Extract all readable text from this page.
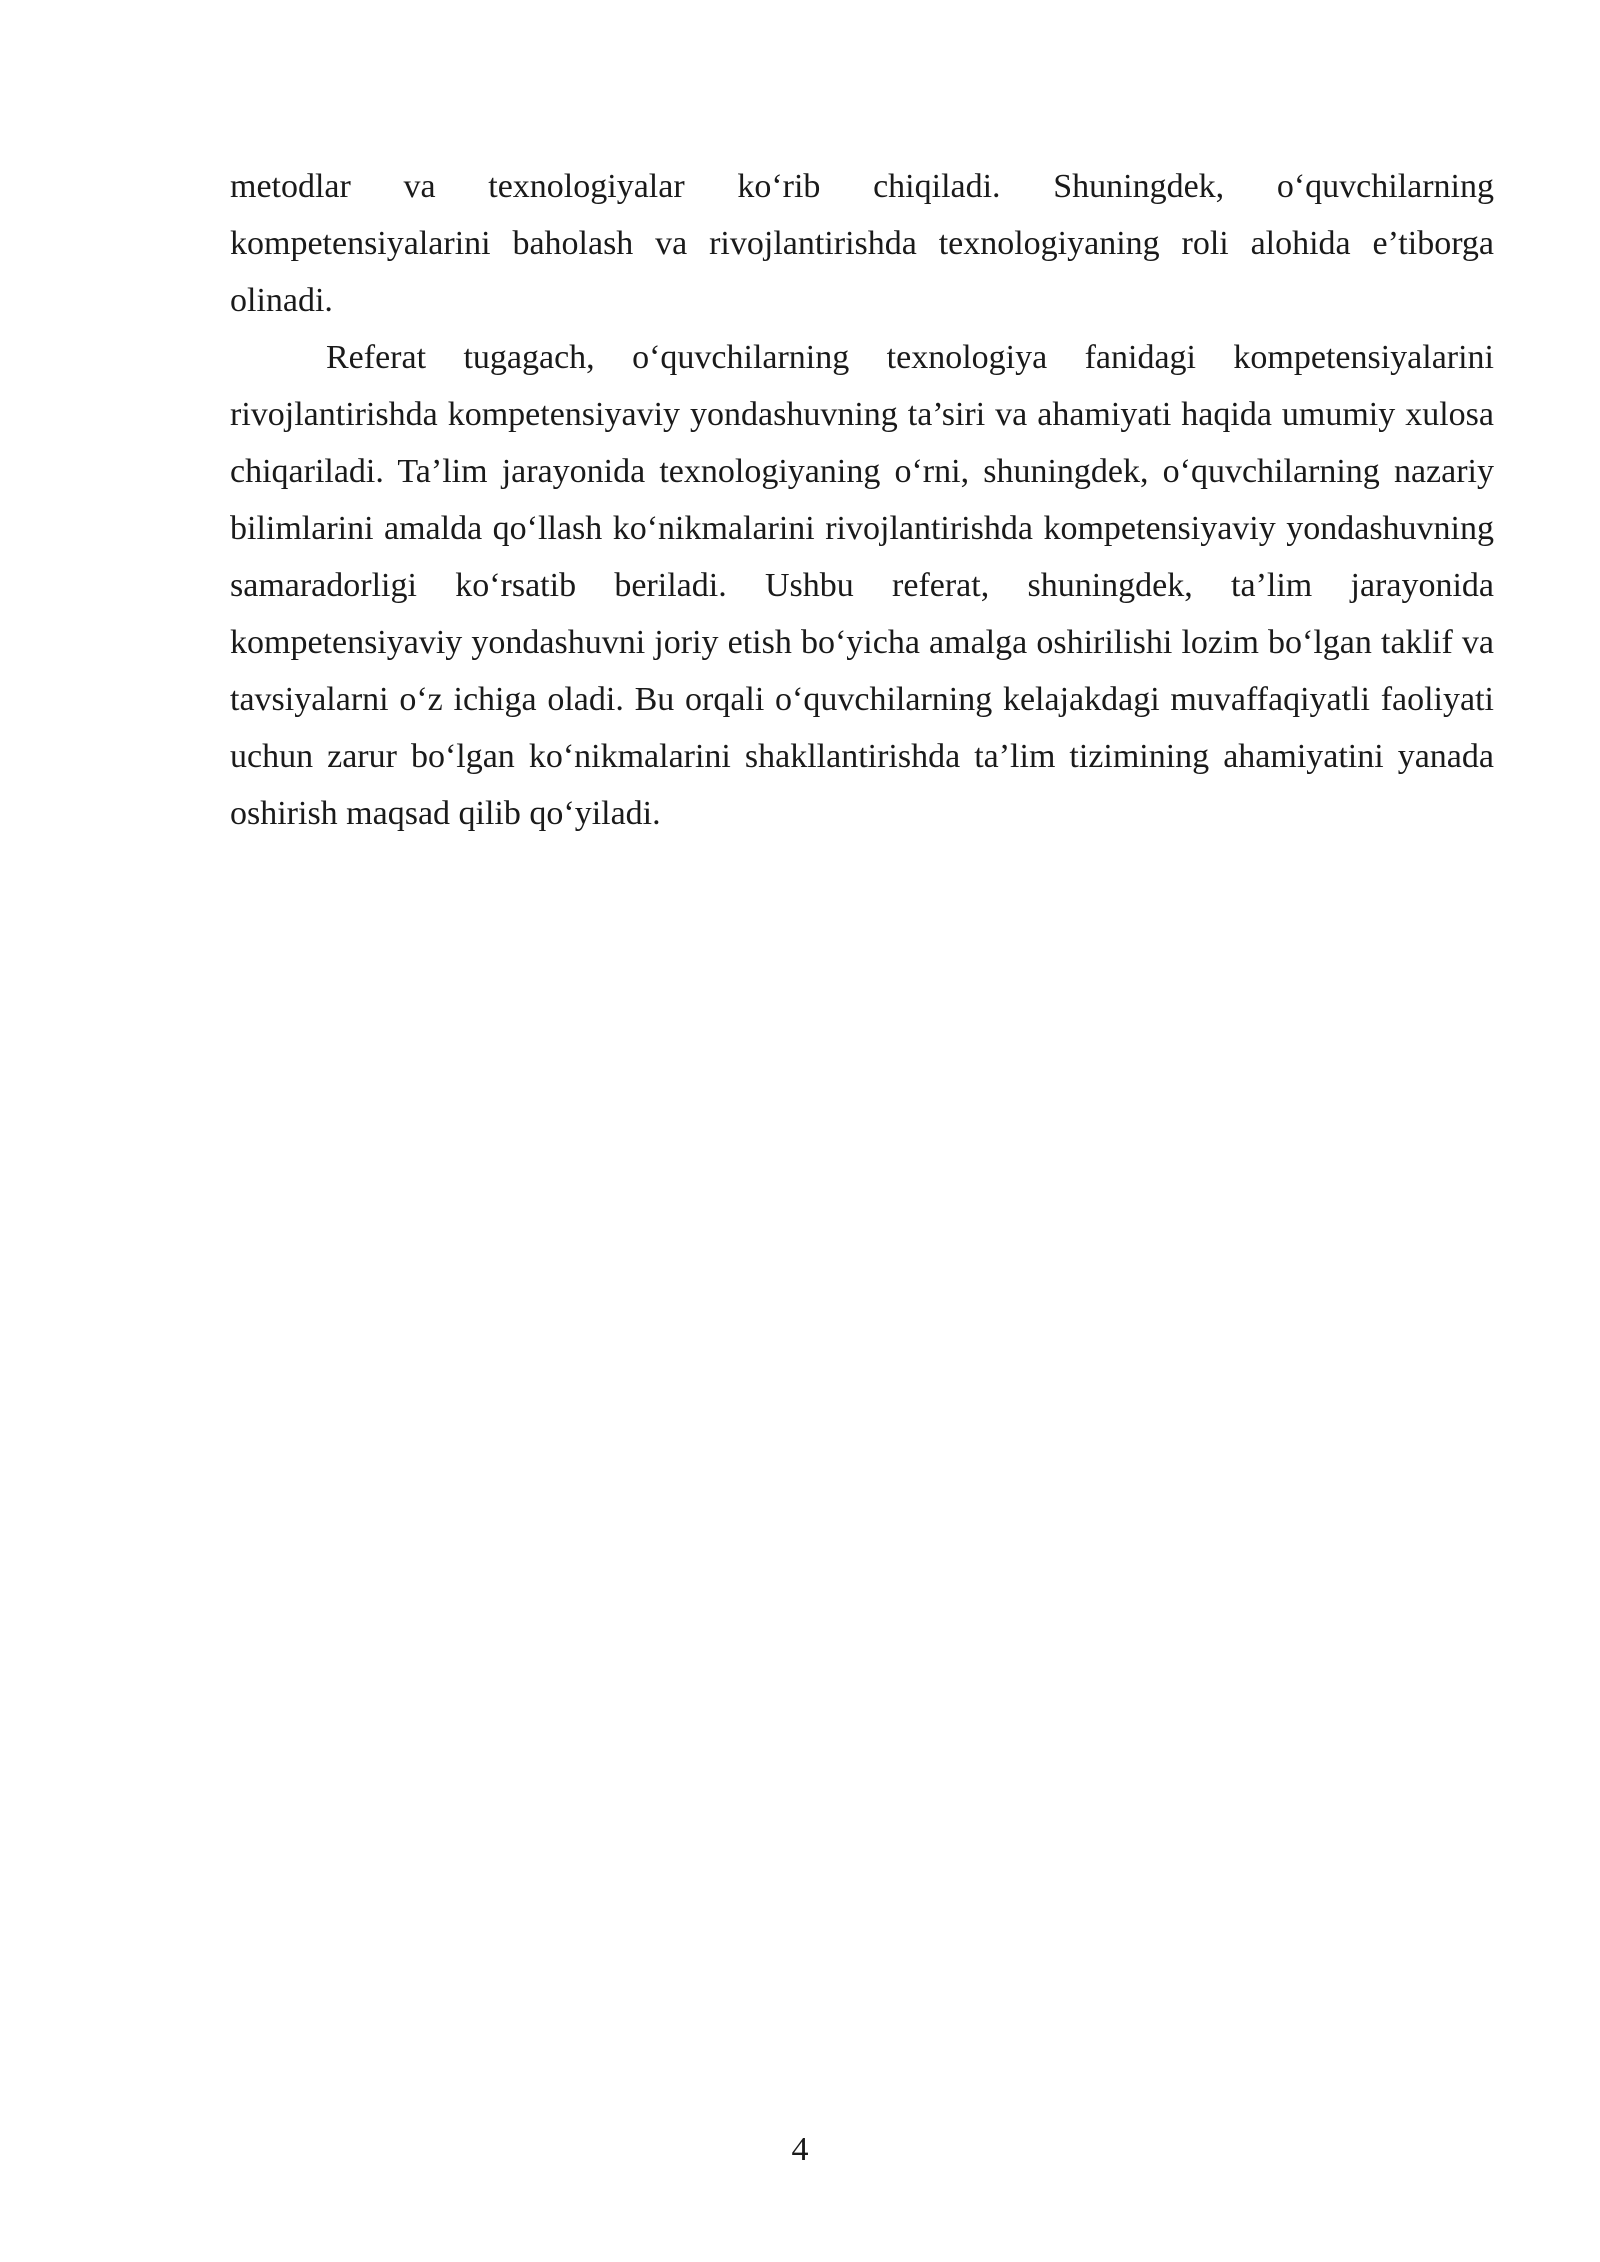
metodlar va texnologiyalar ko‘rib chiqiladi. Shuningdek, o‘quvchilarning kompetensiyalarini baholash va rivojlantirishda texnologiyaning roli alohida e’tiborga olinadi.

Referat tugagach, o‘quvchilarning texnologiya fanidagi kompetensiyalarini rivojlantirishda kompetensiyaviy yondashuvning ta’siri va ahamiyati haqida umumiy xulosa chiqariladi. Ta’lim jarayonida texnologiyaning o‘rni, shuningdek, o‘quvchilarning nazariy bilimlarini amalda qo‘llash ko‘nikmalarini rivojlantirishda kompetensiyaviy yondashuvning samaradorligi ko‘rsatib beriladi. Ushbu referat, shuningdek, ta’lim jarayonida kompetensiyaviy yondashuvni joriy etish bo‘yicha amalga oshirilishi lozim bo‘lgan taklif va tavsiyalarni o‘z ichiga oladi. Bu orqali o‘quvchilarning kelajakdagi muvaffaqiyatli faoliyati uchun zarur bo‘lgan ko‘nikmalarini shakllantirishda ta’lim tizimining ahamiyatini yanada oshirish maqsad qilib qo‘yiladi.

4
